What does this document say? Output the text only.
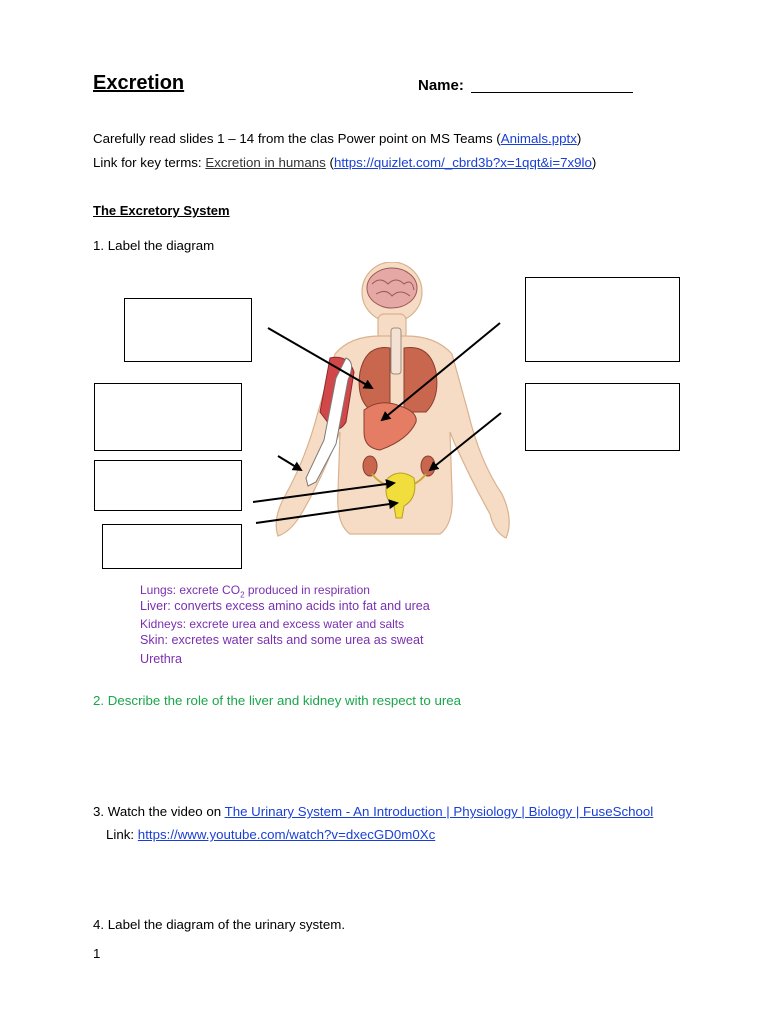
Excretion	Name:
Carefully read slides 1 – 14 from the clas Power point on MS Teams (Animals.pptx)
Link for key terms: Excretion in humans (https://quizlet.com/_cbrd3b?x=1qqt&i=7x9lo)
The Excretory System
1. Label the diagram
Lungs: excrete $CO_2$ produced in respiration
Liver: converts excess amino acids into fat and urea
Kidneys: excrete urea and excess water and salts
Skin: excretes water salts and some urea as sweat
Urethra
2. Describe the role of the liver and kidney with respect to urea
3. Watch the video on The Urinary System - An Introduction | Physiology | Biology | FuseSchool
Link: https://www.youtube.com/watch?v=dxecGD0m0Xc
4. Label the diagram of the urinary system.
1
